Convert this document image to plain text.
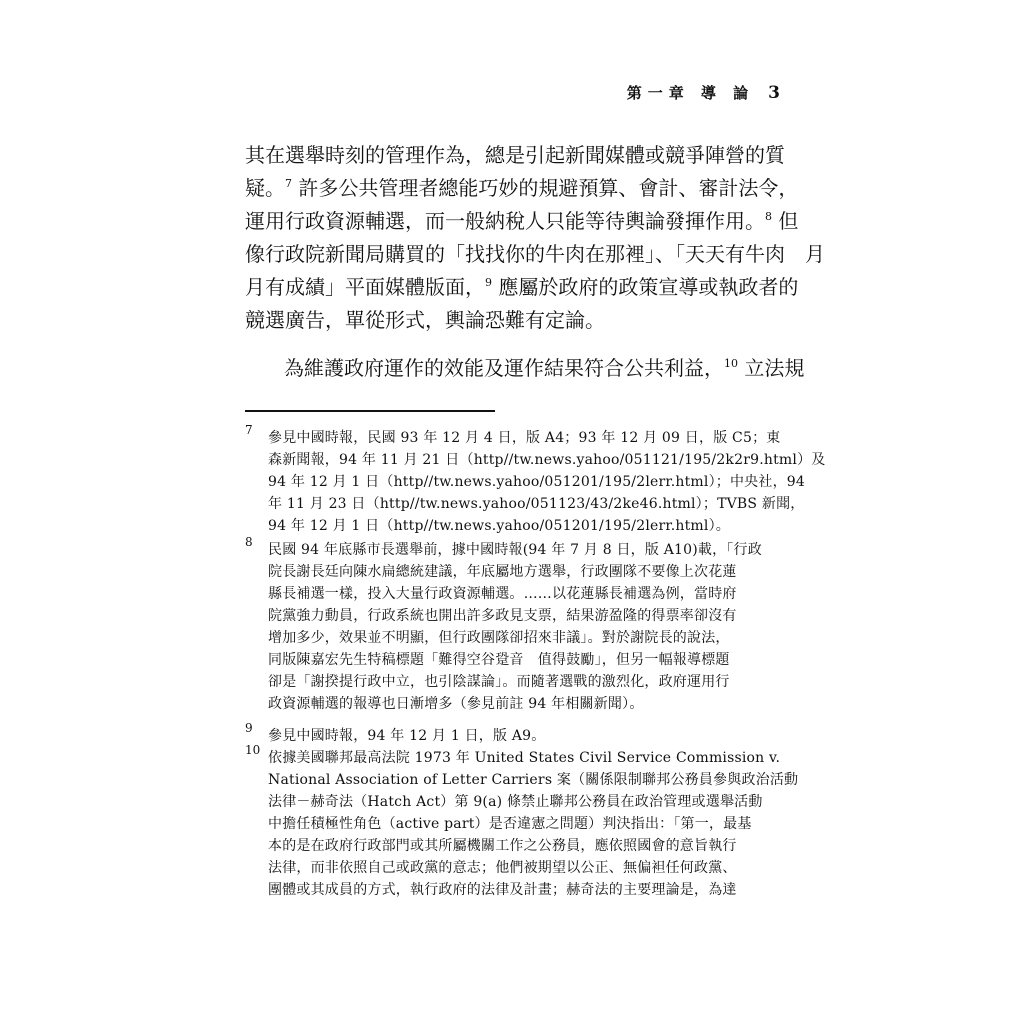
第一章 導 論 3
其在選舉時刻的管理作為，總是引起新聞媒體或競爭陣營的質
疑。$^7$ 許多公共管理者總能巧妙的規避預算、會計、審計法令，
運用行政資源輔選，而一般納稅人只能等待輿論發揮作用。$^8$ 但
像行政院新聞局購買的「找找你的牛肉在那裡」、「天天有牛肉　月
月有成績」平面媒體版面，$^9$ 應屬於政府的政策宣導或執政者的
競選廣告，單從形式，輿論恐難有定論。
為維護政府運作的效能及運作結果符合公共利益，$^{10}$ 立法規
7 參見中國時報，民國 93 年 12 月 4 日，版 A4；93 年 12 月 09 日，版 C5；東
森新聞報，94 年 11 月 21 日（http//tw.news.yahoo/051121/195/2k2r9.html）及
94 年 12 月 1 日（http//tw.news.yahoo/051201/195/2lerr.html）；中央社，94
年 11 月 23 日（http//tw.news.yahoo/051123/43/2ke46.html）；TVBS 新聞，
94 年 12 月 1 日（http//tw.news.yahoo/051201/195/2lerr.html）。
8 民國 94 年底縣市長選舉前，據中國時報(94 年 7 月 8 日，版 A10)載，「行政
院長謝長廷向陳水扁總統建議，年底屬地方選舉，行政團隊不要像上次花蓮
縣長補選一樣，投入大量行政資源輔選。……以花蓮縣長補選為例，當時府
院黨強力動員，行政系統也開出許多政見支票，結果游盈隆的得票率卻沒有
增加多少，效果並不明顯，但行政團隊卻招來非議」。對於謝院長的說法，
同版陳嘉宏先生特稿標題「難得空谷跫音　值得鼓勵」，但另一幅報導標題
卻是「謝揆提行政中立，也引陰謀論」。而隨著選戰的激烈化，政府運用行
政資源輔選的報導也日漸增多（參見前註 94 年相關新聞）。
9 參見中國時報，94 年 12 月 1 日，版 A9。
10 依據美國聯邦最高法院 1973 年 United States Civil Service Commission v.
National Association of Letter Carriers 案（關係限制聯邦公務員參與政治活動
法律－赫奇法（Hatch Act）第 9(a) 條禁止聯邦公務員在政治管理或選舉活動
中擔任積極性角色（active part）是否違憲之問題）判決指出：「第一，最基
本的是在政府行政部門或其所屬機關工作之公務員，應依照國會的意旨執行
法律，而非依照自己或政黨的意志；他們被期望以公正、無偏袒任何政黨、
團體或其成員的方式，執行政府的法律及計畫；赫奇法的主要理論是，為達
